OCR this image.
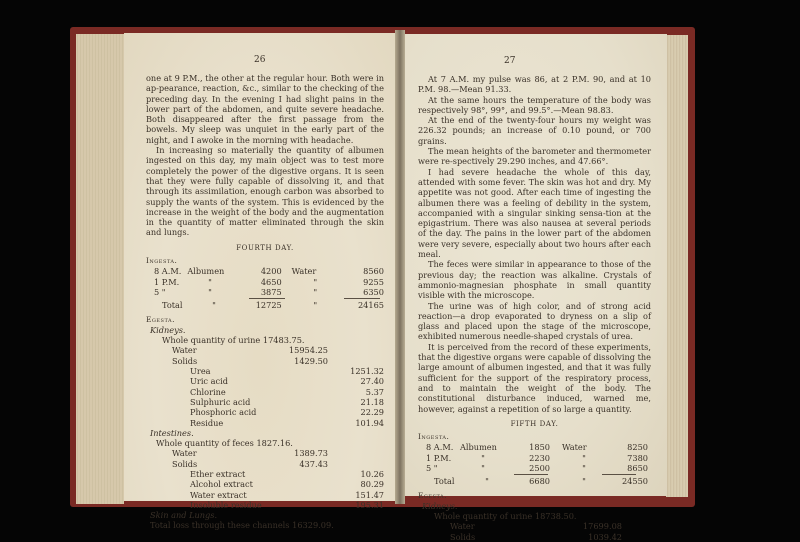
26

one at 9 P.M., the other at the regular hour. Both were in ap-pearance, reaction, &c., similar to the checking of the preceding day. In the evening I had slight pains in the lower part of the abdomen, and quite severe headache. Both disappeared after the first passage from the bowels. My sleep was unquiet in the early part of the night, and I awoke in the morning with headache.

In increasing so materially the quantity of albumen ingested on this day, my main object was to test more completely the power of the digestive organs. It is seen that they were fully capable of dissolving it, and that through its assimilation, enough carbon was absorbed to supply the wants of the system. This is evidenced by the increase in the weight of the body and the augmentation in the quantity of matter eliminated through the skin and lungs.

FOURTH DAY.
Ingesta.
8 A.M. Albumen	4200 Water	8560
1 P.M.	"	4650	"	9255
5 "	"	3875	"	6350
Total	"	12725	"	24165
Egesta.
Kidneys.
Whole quantity of urine 17483.75.
Water	15954.25
Solids	1429.50
Urea	1251.32
Uric acid	27.40
Chlorine	5.37
Sulphuric acid	21.18
Phosphoric acid	22.29
Residue	101.94
Intestines.
Whole quantity of feces 1827.16.
Water	1389.73
Solids	437.43
Ether extract	10.26
Alcohol extract	80.29
Water extract	151.47
Insoluble residue	195.31
Skin and Lungs.
Total loss through these channels 16329.09.
27

At 7 A.M. my pulse was 86, at 2 P.M. 90, and at 10 P.M. 98.—Mean 91.33.

At the same hours the temperature of the body was respectively 98°, 99°, and 99.5°.—Mean 98.83.

At the end of the twenty-four hours my weight was 226.32 pounds; an increase of 0.10 pound, or 700 grains.

The mean heights of the barometer and thermometer were re-spectively 29.290 inches, and 47.66°.

I had severe headache the whole of this day, attended with some fever. The skin was hot and dry. My appetite was not good. After each time of ingesting the albumen there was a feeling of debility in the system, accompanied with a singular sinking sensa-tion at the epigastrium. There was also nausea at several periods of the day. The pains in the lower part of the abdomen were very severe, especially about two hours after each meal.

The feces were similar in appearance to those of the previous day; the reaction was alkaline. Crystals of ammonio-magnesian phosphate in small quantity visible with the microscope.

The urine was of high color, and of strong acid reaction—a drop evaporated to dryness on a slip of glass and placed upon the stage of the microscope, exhibited numerous needle-shaped crystals of urea.

It is perceived from the record of these experiments, that the digestive organs were capable of dissolving the large amount of albumen ingested, and that it was fully sufficient for the support of the respiratory process, and to maintain the weight of the body. The constitutional disturbance induced, warned me, however, against a repetition of so large a quantity.

FIFTH DAY.
Ingesta.
8 A.M. Albumen	1850 Water	8250
1 P.M.	"	2230	"	7380
5 "	"	2500	"	8650
Total	"	6680	"	24550
Egesta.
Kidneys.
Whole quantity of urine 18738.50.
Water	17699.08
Solids	1039.42
